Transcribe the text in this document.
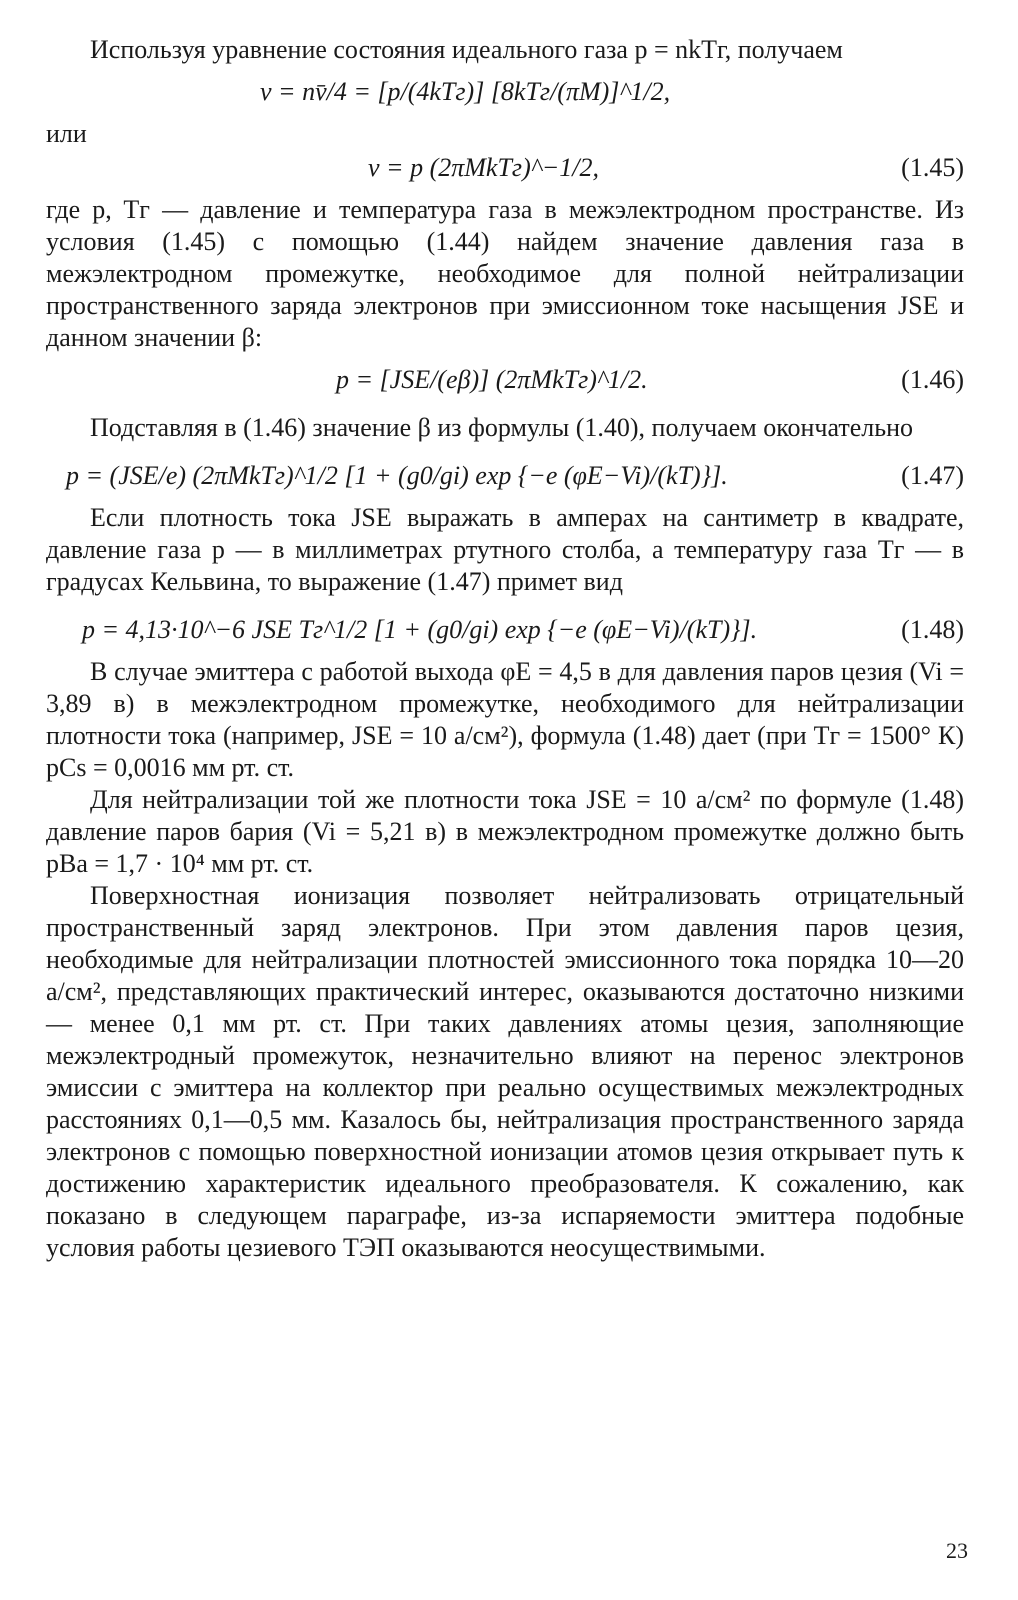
Используя уравнение состояния идеального газа p = nkTг, получаем

ν = nv̄/4 = [p/(4kTг)] [8kTг/(πM)]^1/2,

или

ν = p (2πMkTг)^−1/2,	(1.45)

где p, Tг — давление и температура газа в межэлектродном пространстве. Из условия (1.45) с помощью (1.44) найдем значение давления газа в межэлектродном промежутке, необходимое для полной нейтрализации пространственного заряда электронов при эмиссионном токе насыщения JSE и данном значении β:

p = [JSE/(eβ)] (2πMkTг)^1/2.	(1.46)

Подставляя в (1.46) значение β из формулы (1.40), получаем окончательно

p = (JSE/e) (2πMkTг)^1/2 [1 + (g0/gi) exp {−e (φE−Vi)/(kT)}].	(1.47)

Если плотность тока JSE выражать в амперах на сантиметр в квадрате, давление газа p — в миллиметрах ртутного столба, а температуру газа Tг — в градусах Кельвина, то выражение (1.47) примет вид

p = 4,13·10^−6 JSE Tг^1/2 [1 + (g0/gi) exp {−e (φE−Vi)/(kT)}].	(1.48)

В случае эмиттера с работой выхода φE = 4,5 в для давления паров цезия (Vi = 3,89 в) в межэлектродном промежутке, необходимого для нейтрализации плотности тока (например, JSE = 10 а/см²), формула (1.48) дает (при Tг = 1500° К) pCs = 0,0016 мм рт. ст.

Для нейтрализации той же плотности тока JSE = 10 а/см² по формуле (1.48) давление паров бария (Vi = 5,21 в) в межэлектродном промежутке должно быть pBa = 1,7 · 10⁴ мм рт. ст.

Поверхностная ионизация позволяет нейтрализовать отрицательный пространственный заряд электронов. При этом давления паров цезия, необходимые для нейтрализации плотностей эмиссионного тока порядка 10—20 а/см², представляющих практический интерес, оказываются достаточно низкими — менее 0,1 мм рт. ст. При таких давлениях атомы цезия, заполняющие межэлектродный промежуток, незначительно влияют на перенос электронов эмиссии с эмиттера на коллектор при реально осуществимых межэлектродных расстояниях 0,1—0,5 мм. Казалось бы, нейтрализация пространственного заряда электронов с помощью поверхностной ионизации атомов цезия открывает путь к достижению характеристик идеального преобразователя. К сожалению, как показано в следующем параграфе, из-за испаряемости эмиттера подобные условия работы цезиевого ТЭП оказываются неосуществимыми.

23
